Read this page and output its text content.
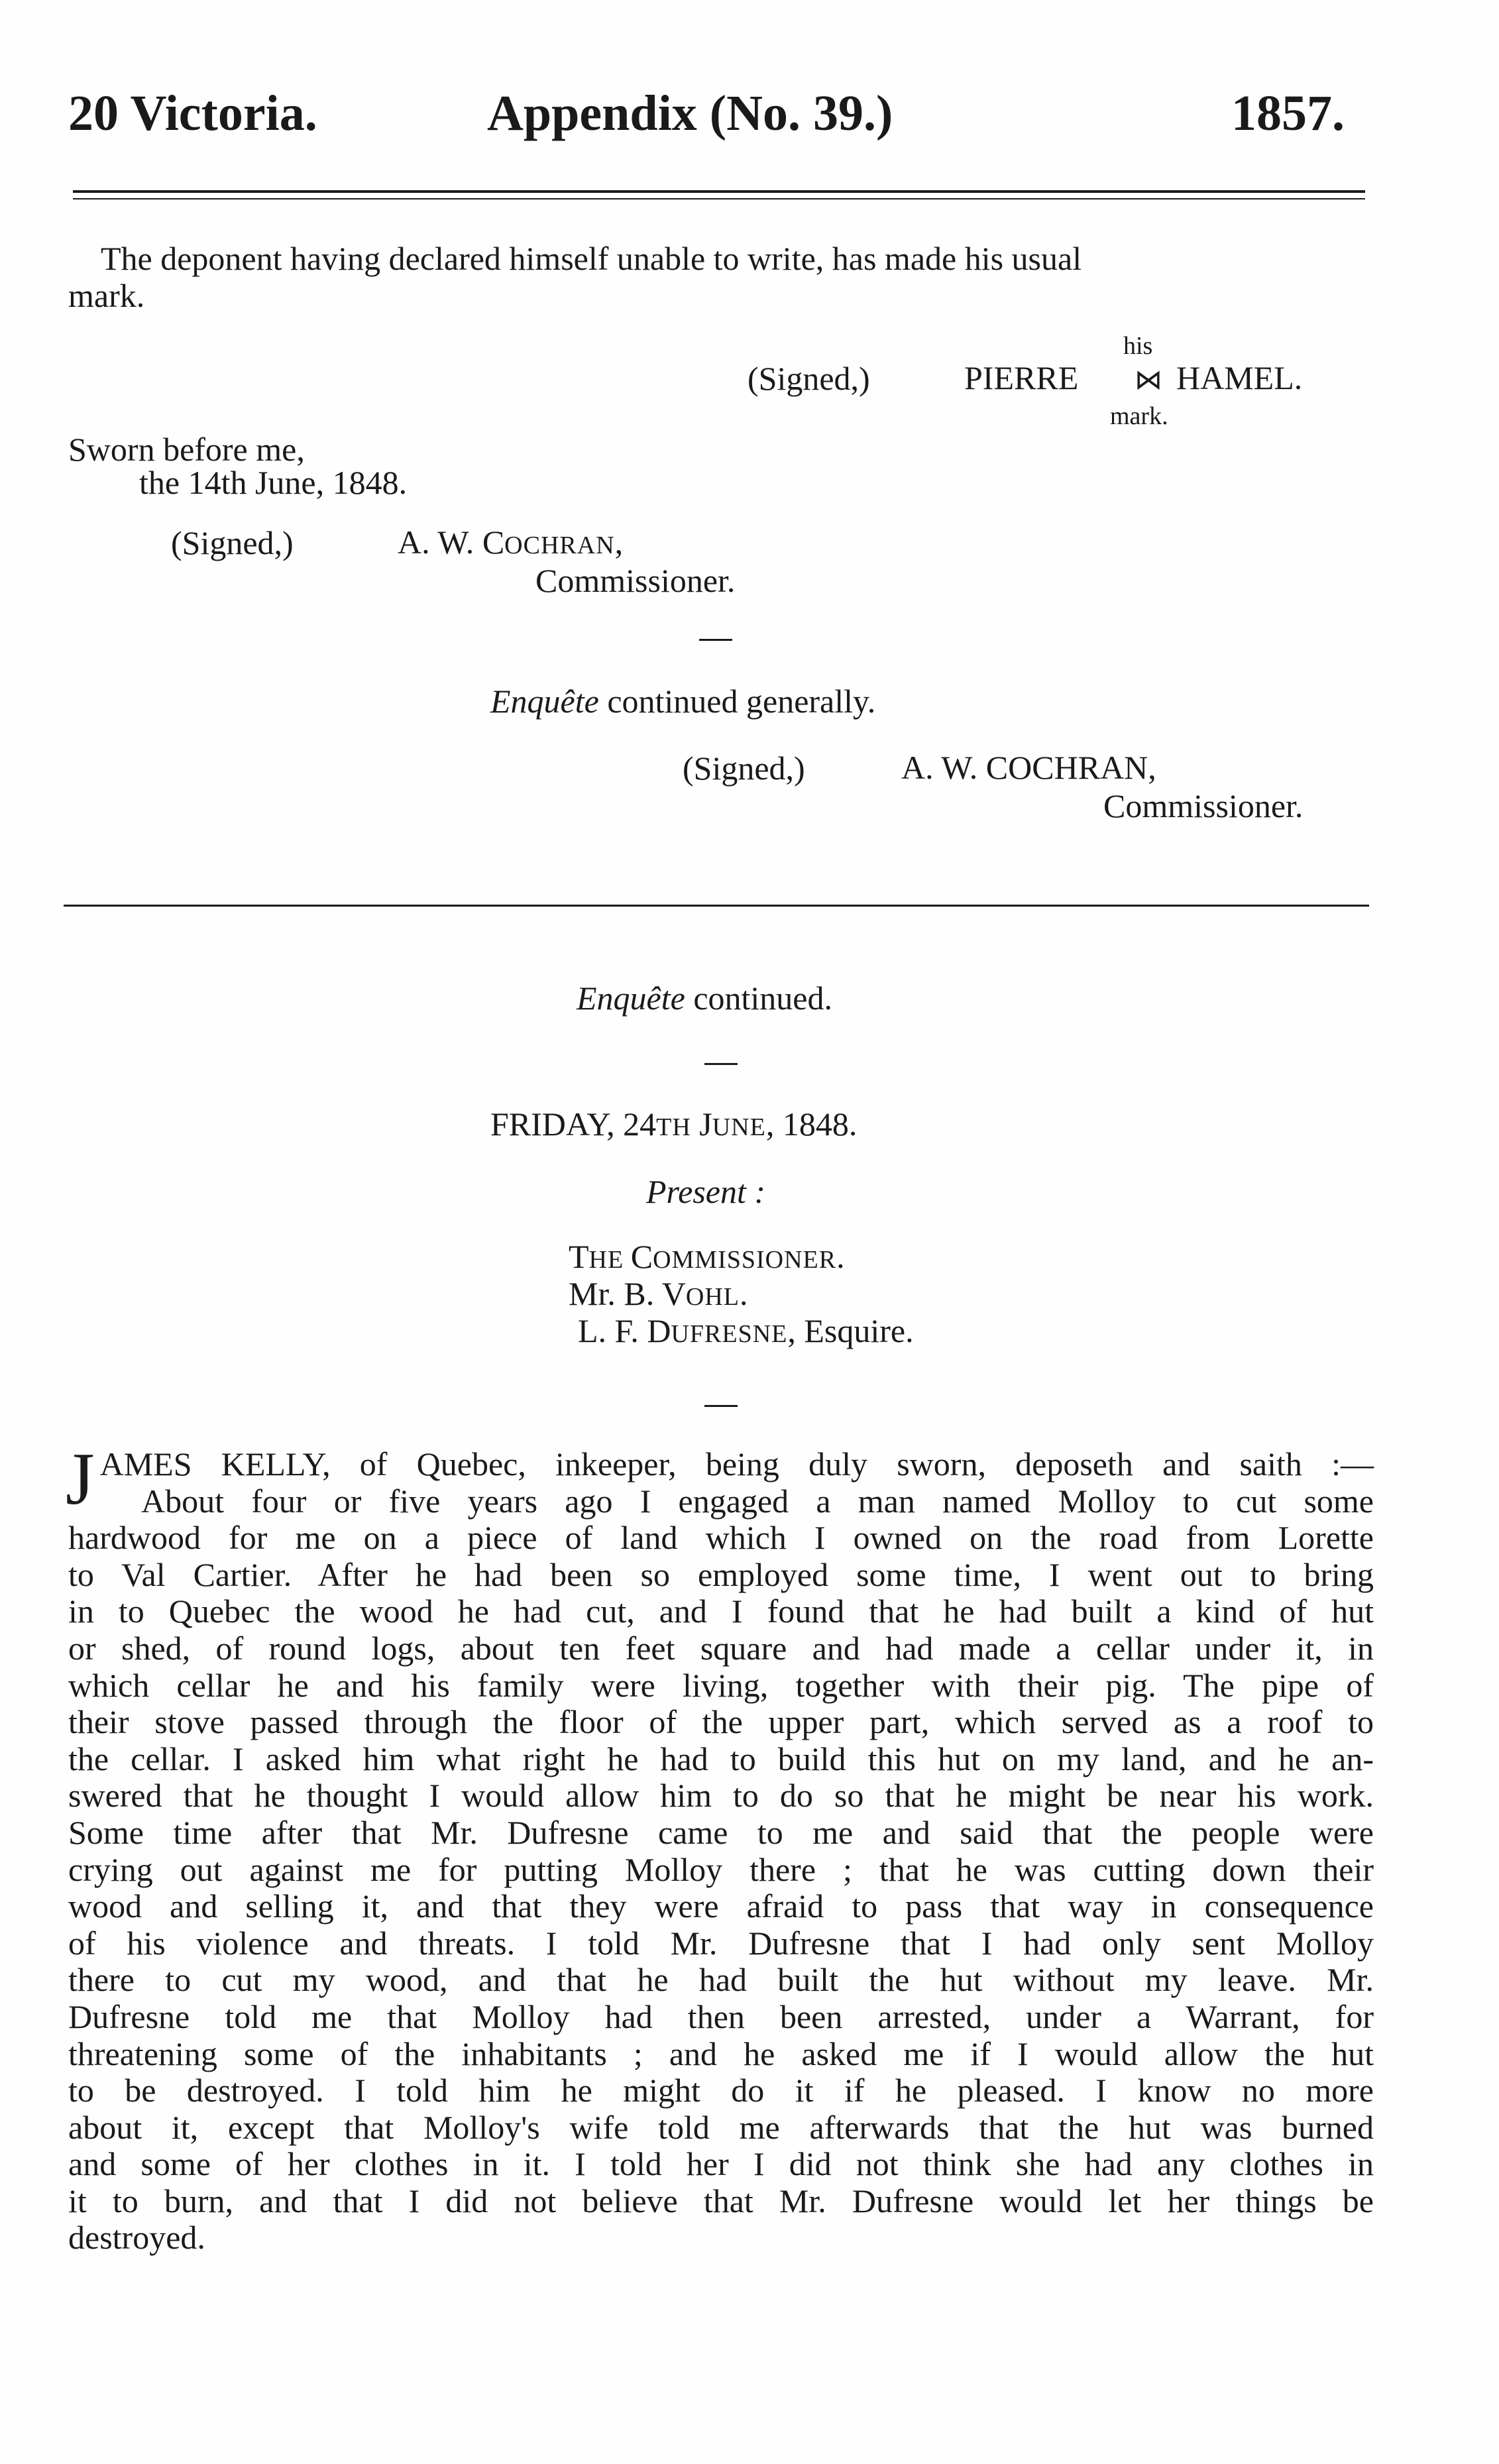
20 Victoria.	Appendix (No. 39.)	1857.
The deponent having declared himself unable to write, has made his usual
mark.
his
(Signed,)	PIERRE ⋈ HAMEL.
mark.
Sworn before me,
the 14th June, 1848.
(Signed,)	A. W. COCHRAN,
Commissioner.
Enquête continued generally.
(Signed,)	A. W. COCHRAN,
Commissioner.
Enquête continued.
FRIDAY, 24TH JUNE, 1848.
Present :
THE COMMISSIONER.
Mr. B. VOHL.
L. F. DUFRESNE, Esquire.
J AMES KELLY, of Quebec, inkeeper, being duly sworn, deposeth and saith :—
About four or five years ago I engaged a man named Molloy to cut some
hardwood for me on a piece of land which I owned on the road from Lorette
to Val Cartier. After he had been so employed some time, I went out to bring
in to Quebec the wood he had cut, and I found that he had built a kind of hut
or shed, of round logs, about ten feet square and had made a cellar under it, in
which cellar he and his family were living, together with their pig. The pipe of
their stove passed through the floor of the upper part, which served as a roof to
the cellar. I asked him what right he had to build this hut on my land, and he an-
swered that he thought I would allow him to do so that he might be near his work.
Some time after that Mr. Dufresne came to me and said that the people were
crying out against me for putting Molloy there ; that he was cutting down their
wood and selling it, and that they were afraid to pass that way in consequence
of his violence and threats. I told Mr. Dufresne that I had only sent Molloy
there to cut my wood, and that he had built the hut without my leave. Mr.
Dufresne told me that Molloy had then been arrested, under a Warrant, for
threatening some of the inhabitants ; and he asked me if I would allow the hut
to be destroyed. I told him he might do it if he pleased. I know no more
about it, except that Molloy's wife told me afterwards that the hut was burned
and some of her clothes in it. I told her I did not think she had any clothes in
it to burn, and that I did not believe that Mr. Dufresne would let her things be
destroyed.
